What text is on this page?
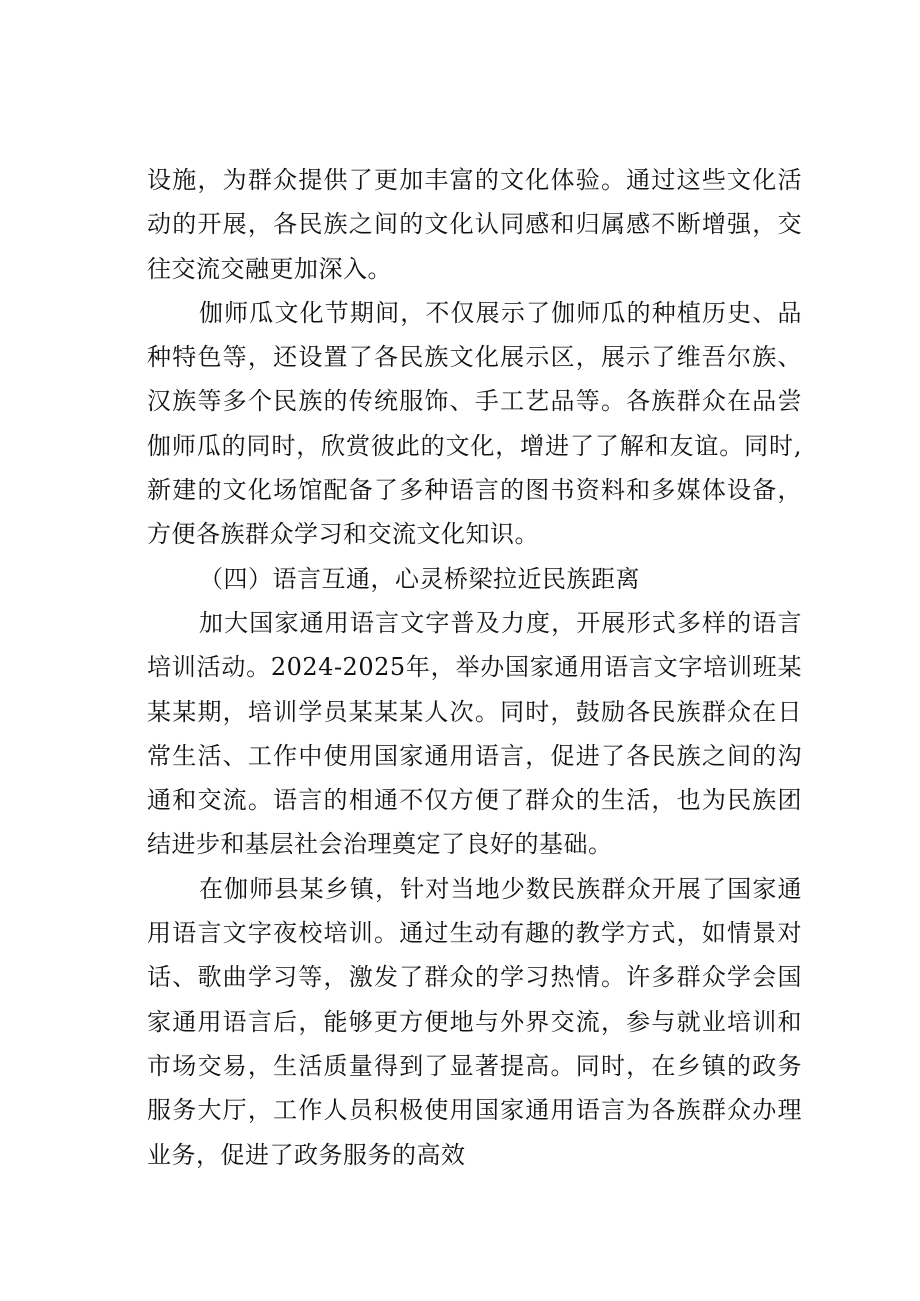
设施，为群众提供了更加丰富的文化体验。通过这些文化活动的开展，各民族之间的文化认同感和归属感不断增强，交往交流交融更加深入。

伽师瓜文化节期间，不仅展示了伽师瓜的种植历史、品种特色等，还设置了各民族文化展示区，展示了维吾尔族、汉族等多个民族的传统服饰、手工艺品等。各族群众在品尝伽师瓜的同时，欣赏彼此的文化，增进了了解和友谊。同时,新建的文化场馆配备了多种语言的图书资料和多媒体设备，方便各族群众学习和交流文化知识。

（四）语言互通，心灵桥梁拉近民族距离

加大国家通用语言文字普及力度，开展形式多样的语言培训活动。2024-2025年，举办国家通用语言文字培训班某某某期，培训学员某某某人次。同时，鼓励各民族群众在日常生活、工作中使用国家通用语言，促进了各民族之间的沟通和交流。语言的相通不仅方便了群众的生活，也为民族团结进步和基层社会治理奠定了良好的基础。

在伽师县某乡镇，针对当地少数民族群众开展了国家通用语言文字夜校培训。通过生动有趣的教学方式，如情景对话、歌曲学习等，激发了群众的学习热情。许多群众学会国家通用语言后，能够更方便地与外界交流，参与就业培训和市场交易，生活质量得到了显著提高。同时，在乡镇的政务服务大厅，工作人员积极使用国家通用语言为各族群众办理业务，促进了政务服务的高效
